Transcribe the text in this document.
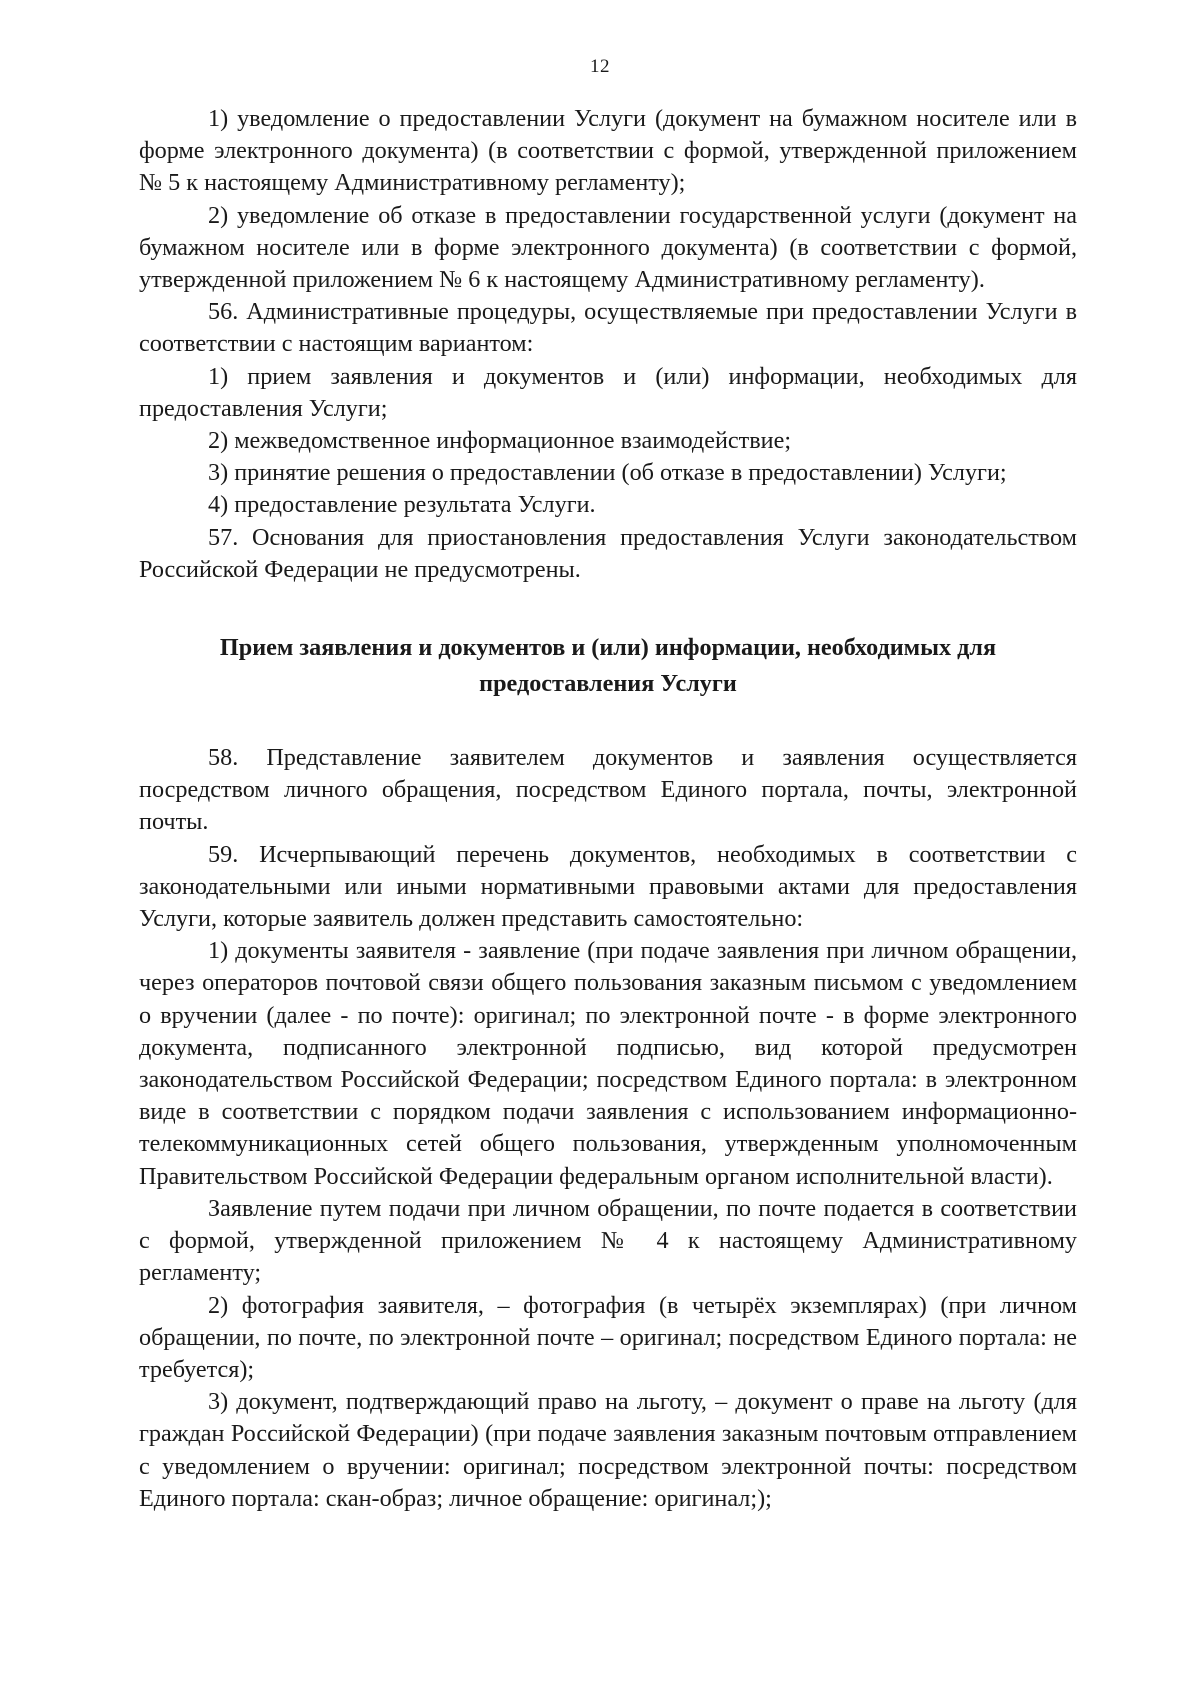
12

1) уведомление о предоставлении Услуги (документ на бумажном носителе или в форме электронного документа) (в соответствии с формой, утвержденной приложением № 5 к настоящему Административному регламенту);

2) уведомление об отказе в предоставлении государственной услуги (документ на бумажном носителе или в форме электронного документа) (в соответствии с формой, утвержденной приложением № 6 к настоящему Административному регламенту).

56. Административные процедуры, осуществляемые при предоставлении Услуги в соответствии с настоящим вариантом:

1) прием заявления и документов и (или) информации, необходимых для предоставления Услуги;

2) межведомственное информационное взаимодействие;

3) принятие решения о предоставлении (об отказе в предоставлении) Услуги;

4) предоставление результата Услуги.

57. Основания для приостановления предоставления Услуги законодательством Российской Федерации не предусмотрены.

Прием заявления и документов и (или) информации, необходимых для
предоставления Услуги

58. Представление заявителем документов и заявления осуществляется посредством личного обращения, посредством Единого портала, почты, электронной почты.

59. Исчерпывающий перечень документов, необходимых в соответствии с законодательными или иными нормативными правовыми актами для предоставления Услуги, которые заявитель должен представить самостоятельно:

1) документы заявителя - заявление (при подаче заявления при личном обращении, через операторов почтовой связи общего пользования заказным письмом с уведомлением о вручении (далее - по почте): оригинал; по электронной почте - в форме электронного документа, подписанного электронной подписью, вид которой предусмотрен законодательством Российской Федерации; посредством Единого портала: в электронном виде в соответствии с порядком подачи заявления с использованием информационно-телекоммуникационных сетей общего пользования, утвержденным уполномоченным Правительством Российской Федерации федеральным органом исполнительной власти).

Заявление путем подачи при личном обращении, по почте подается в соответствии с формой, утвержденной приложением № 4 к настоящему Административному регламенту;

2) фотография заявителя, – фотография (в четырёх экземплярах) (при личном обращении, по почте, по электронной почте – оригинал; посредством Единого портала: не требуется);

3) документ, подтверждающий право на льготу, – документ о праве на льготу (для граждан Российской Федерации) (при подаче заявления заказным почтовым отправлением с уведомлением о вручении: оригинал; посредством электронной почты: посредством Единого портала: скан-образ; личное обращение: оригинал;);
